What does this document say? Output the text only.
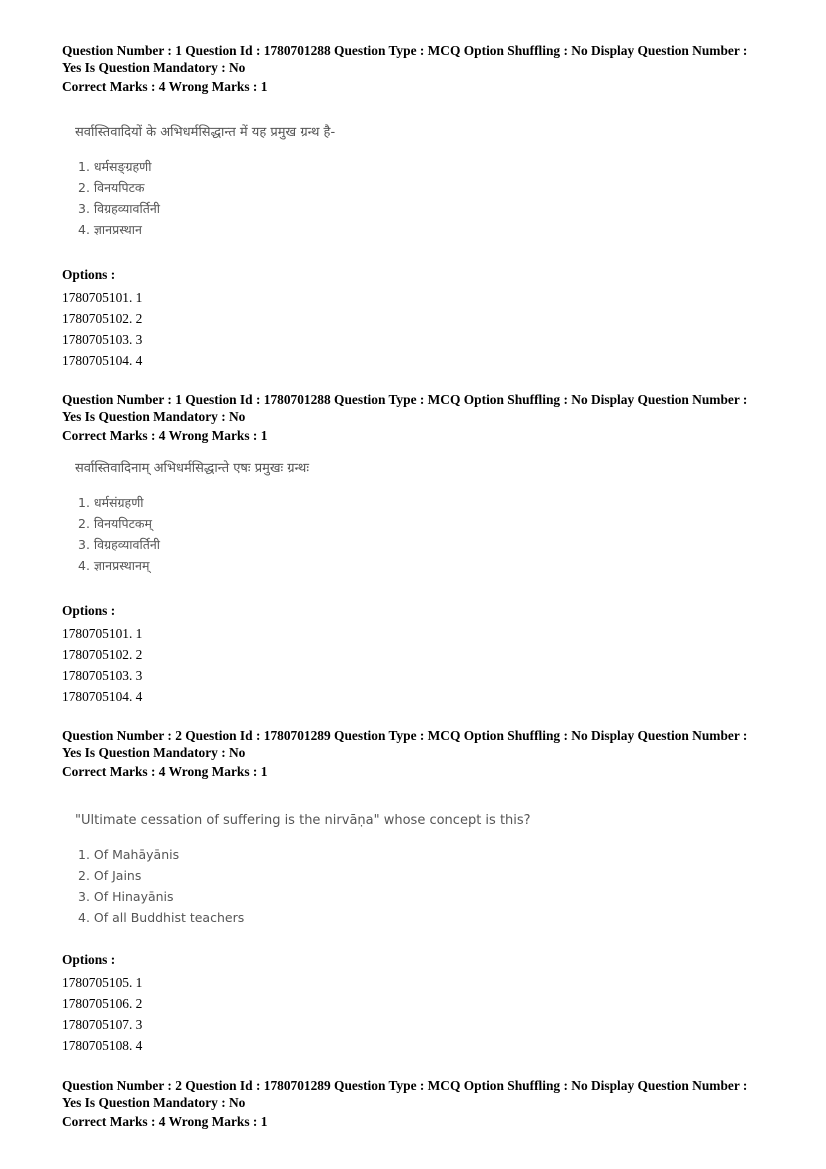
Question Number : 1 Question Id : 1780701288 Question Type : MCQ Option Shuffling : No Display Question Number :

Yes Is Question Mandatory : No

Correct Marks : 4 Wrong Marks : 1

सर्वास्तिवादियों के अभिधर्मसिद्धान्त में यह प्रमुख ग्रन्थ है-

1. धर्मसङ्ग्रहणी
2. विनयपिटक
3. विग्रहव्यावर्तिनी
4. ज्ञानप्रस्थान

Options :

1780705101. 1
1780705102. 2
1780705103. 3
1780705104. 4

Question Number : 1 Question Id : 1780701288 Question Type : MCQ Option Shuffling : No Display Question Number :

Yes Is Question Mandatory : No

Correct Marks : 4 Wrong Marks : 1

सर्वास्तिवादिनाम् अभिधर्मसिद्धान्ते एषः प्रमुखः ग्रन्थः

1. धर्मसंग्रहणी
2. विनयपिटकम्
3. विग्रहव्यावर्तिनी
4. ज्ञानप्रस्थानम्

Options :

1780705101. 1
1780705102. 2
1780705103. 3
1780705104. 4

Question Number : 2 Question Id : 1780701289 Question Type : MCQ Option Shuffling : No Display Question Number :

Yes Is Question Mandatory : No

Correct Marks : 4 Wrong Marks : 1

"Ultimate cessation of suffering is the nirvāṇa" whose concept is this?

1. Of Mahāyānis
2. Of Jains
3. Of Hinayānis
4. Of all Buddhist teachers

Options :

1780705105. 1
1780705106. 2
1780705107. 3
1780705108. 4

Question Number : 2 Question Id : 1780701289 Question Type : MCQ Option Shuffling : No Display Question Number :

Yes Is Question Mandatory : No

Correct Marks : 4 Wrong Marks : 1
